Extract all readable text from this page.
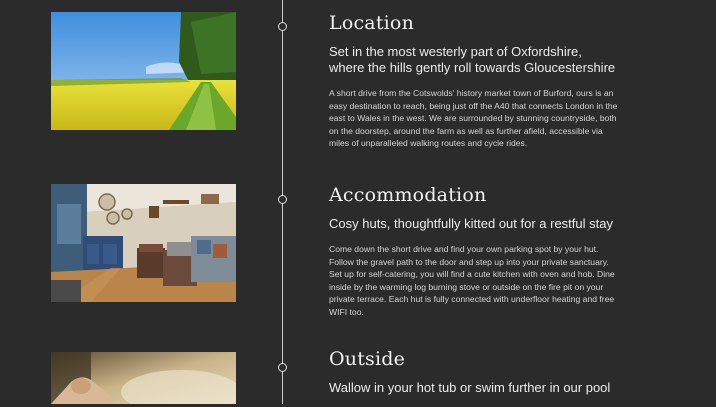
Location

Set in the most westerly part of Oxfordshire, where the hills gently roll towards Gloucestershire

A short drive from the Cotswolds' history market town of Burford, ours is an easy destination to reach, being just off the A40 that connects London in the east to Wales in the west. We are surrounded by stunning countryside, both on the doorstep, around the farm as well as further afield, accessible via miles of unparalleled walking routes and cycle rides.

Accommodation

Cosy huts, thoughtfully kitted out for a restful stay

Come down the short drive and find your own parking spot by your hut. Follow the gravel path to the door and step up into your private sanctuary. Set up for self-catering, you will find a cute kitchen with oven and hob. Dine inside by the warming log burning stove or outside on the fire pit on your private terrace. Each hut is fully connected with underfloor heating and free WIFI too.

Outside

Wallow in your hot tub or swim further in our pool
